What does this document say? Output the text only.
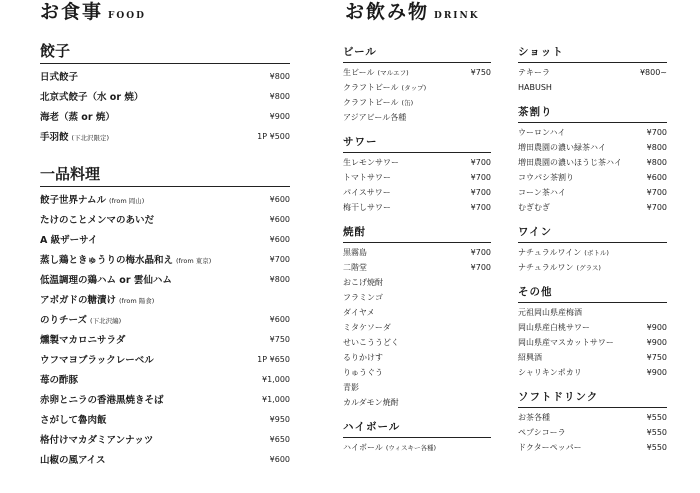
お食事 FOOD	お飲み物 DRINK
餃子
日式餃子	¥800
北京式餃子（水 or 焼）	¥800
海老（蒸 or 焼）	¥900
手羽餃 (下北沢限定)	1P ¥500
一品料理
餃子世界ナムル (from 岡山)	¥600
たけのことメンマのあいだ	¥600
A 級ザーサイ	¥600
蒸し鶏ときゅうりの梅水晶和え (from 東京)	¥700
低温調理の鶏ハム or 雲仙ハム	¥800
アボガドの糖漬け (from 陽食)
のりチーズ (下北沢編)	¥600
燻製マカロニサラダ	¥750
ウフマヨブラックレーベル	1P ¥650
苺の酢豚	¥1,000
赤卵とニラの香港黒焼きそば	¥1,000
さがして魯肉飯	¥950
格付けマカダミアンナッツ	¥650
山椒の風アイス	¥600
ビール
生ビール (マルエフ)	¥750
クラフトビール (タップ)
クラフトビール (缶)
アジアビール各種
サワー
生レモンサワー	¥700
トマトサワー	¥700
パイスサワー	¥700
梅干しサワー	¥700
焼酎
黒霧島	¥700
二階堂	¥700
おこげ焼酎
フラミンゴ
ダイヤメ
ミタケソーダ
せいこううどく
るりかけす
りゅうぐう
青影
カルダモン焼酎
ハイボール
ハイボール (ウィスキー各種)
ショット
テキーラ	¥800~
HABUSH
茶割り
ウーロンハイ	¥700
増田農園の濃い緑茶ハイ	¥800
増田農園の濃いほうじ茶ハイ	¥800
コウパシ茶割り	¥600
コーン茶ハイ	¥700
むぎむぎ	¥700
ワイン
ナチュラルワイン (ボトル)
ナチュラルワン (グラス)
その他
元祖岡山県産梅酒
岡山県産白桃サワー	¥900
岡山県産マスカットサワー	¥900
紹興酒	¥750
シャリキンポカリ	¥900
ソフトドリンク
お茶各種	¥550
ペプシコーラ	¥550
ドクターペッパー	¥550
